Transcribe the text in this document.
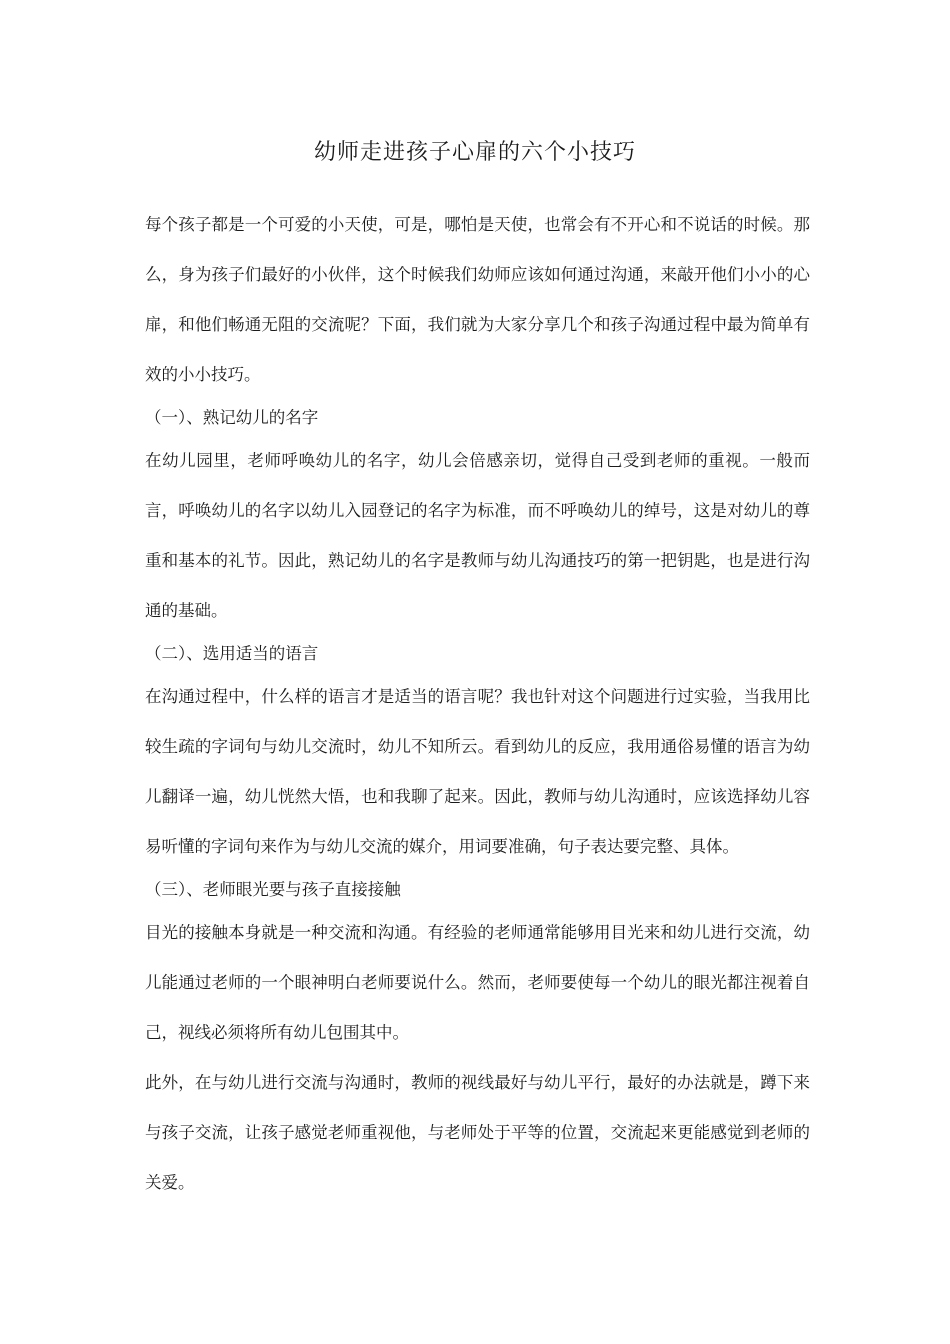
幼师走进孩子心扉的六个小技巧

每个孩子都是一个可爱的小天使，可是，哪怕是天使，也常会有不开心和不说话的时候。那么，身为孩子们最好的小伙伴，这个时候我们幼师应该如何通过沟通，来敲开他们小小的心扉，和他们畅通无阻的交流呢？下面，我们就为大家分享几个和孩子沟通过程中最为简单有效的小小技巧。

（一）、熟记幼儿的名字

在幼儿园里，老师呼唤幼儿的名字，幼儿会倍感亲切，觉得自己受到老师的重视。一般而言，呼唤幼儿的名字以幼儿入园登记的名字为标准，而不呼唤幼儿的绰号，这是对幼儿的尊重和基本的礼节。因此，熟记幼儿的名字是教师与幼儿沟通技巧的第一把钥匙，也是进行沟通的基础。

（二）、选用适当的语言

在沟通过程中，什么样的语言才是适当的语言呢？我也针对这个问题进行过实验，当我用比较生疏的字词句与幼儿交流时，幼儿不知所云。看到幼儿的反应，我用通俗易懂的语言为幼儿翻译一遍，幼儿恍然大悟，也和我聊了起来。因此，教师与幼儿沟通时，应该选择幼儿容易听懂的字词句来作为与幼儿交流的媒介，用词要准确，句子表达要完整、具体。

（三）、老师眼光要与孩子直接接触

目光的接触本身就是一种交流和沟通。有经验的老师通常能够用目光来和幼儿进行交流，幼儿能通过老师的一个眼神明白老师要说什么。然而，老师要使每一个幼儿的眼光都注视着自己，视线必须将所有幼儿包围其中。

此外，在与幼儿进行交流与沟通时，教师的视线最好与幼儿平行，最好的办法就是，蹲下来与孩子交流，让孩子感觉老师重视他，与老师处于平等的位置，交流起来更能感觉到老师的关爱。
